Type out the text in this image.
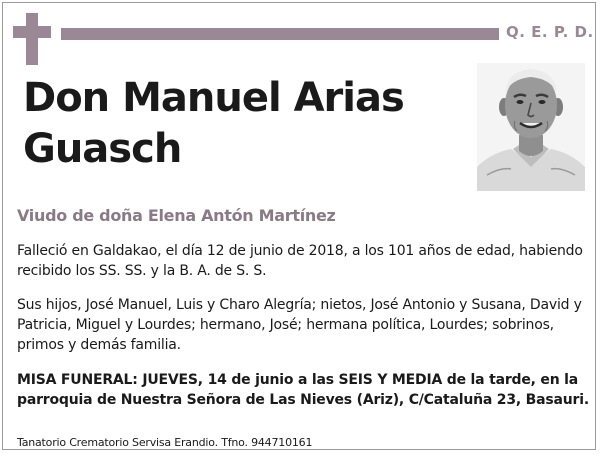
Q. E. P. D.
Don Manuel Arias Guasch
Viudo de doña Elena Antón Martínez
Falleció en Galdakao, el día 12 de junio de 2018, a los 101 años de edad, habiendo recibido los SS. SS. y la B. A. de S. S.
Sus hijos, José Manuel, Luis y Charo Alegría; nietos, José Antonio y Susana, David y Patricia, Miguel y Lourdes; hermano, José; hermana política, Lourdes; sobrinos, primos y demás familia.
MISA FUNERAL: JUEVES, 14 de junio a las SEIS Y MEDIA de la tarde, en la parroquia de Nuestra Señora de Las Nieves (Ariz), C/Cataluña 23, Basauri.
Tanatorio Crematorio Servisa Erandio. Tfno. 944710161
